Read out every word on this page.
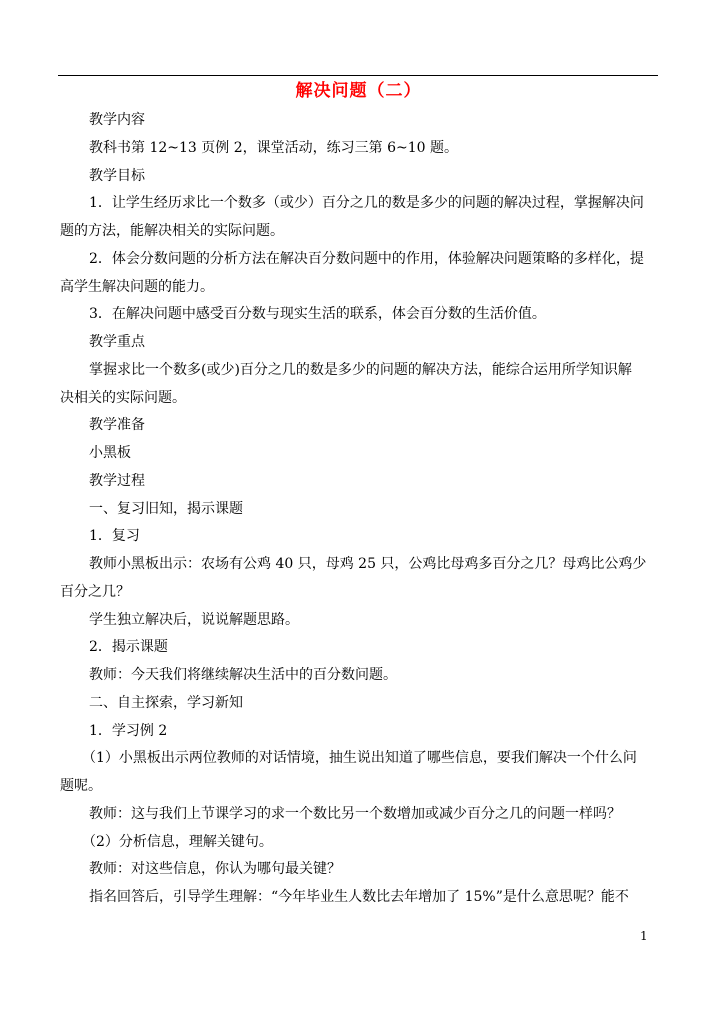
解决问题（二）
教学内容
教科书第 12~13 页例 2，课堂活动，练习三第 6~10 题。
教学目标
1．让学生经历求比一个数多（或少）百分之几的数是多少的问题的解决过程，掌握解决问
题的方法，能解决相关的实际问题。
2．体会分数问题的分析方法在解决百分数问题中的作用，体验解决问题策略的多样化，提
高学生解决问题的能力。
3．在解决问题中感受百分数与现实生活的联系，体会百分数的生活价值。
教学重点
掌握求比一个数多(或少)百分之几的数是多少的问题的解决方法，能综合运用所学知识解
决相关的实际问题。
教学准备
小黑板
教学过程
一、复习旧知，揭示课题
1．复习
教师小黑板出示：农场有公鸡 40 只，母鸡 25 只，公鸡比母鸡多百分之几？母鸡比公鸡少
百分之几？
学生独立解决后，说说解题思路。
2．揭示课题
教师：今天我们将继续解决生活中的百分数问题。
二、自主探索，学习新知
1．学习例 2
（1）小黑板出示两位教师的对话情境，抽生说出知道了哪些信息，要我们解决一个什么问
题呢。
教师：这与我们上节课学习的求一个数比另一个数增加或减少百分之几的问题一样吗？
（2）分析信息，理解关键句。
教师：对这些信息，你认为哪句最关键？
指名回答后，引导学生理解：“今年毕业生人数比去年增加了 15%”是什么意思呢？能不
1
